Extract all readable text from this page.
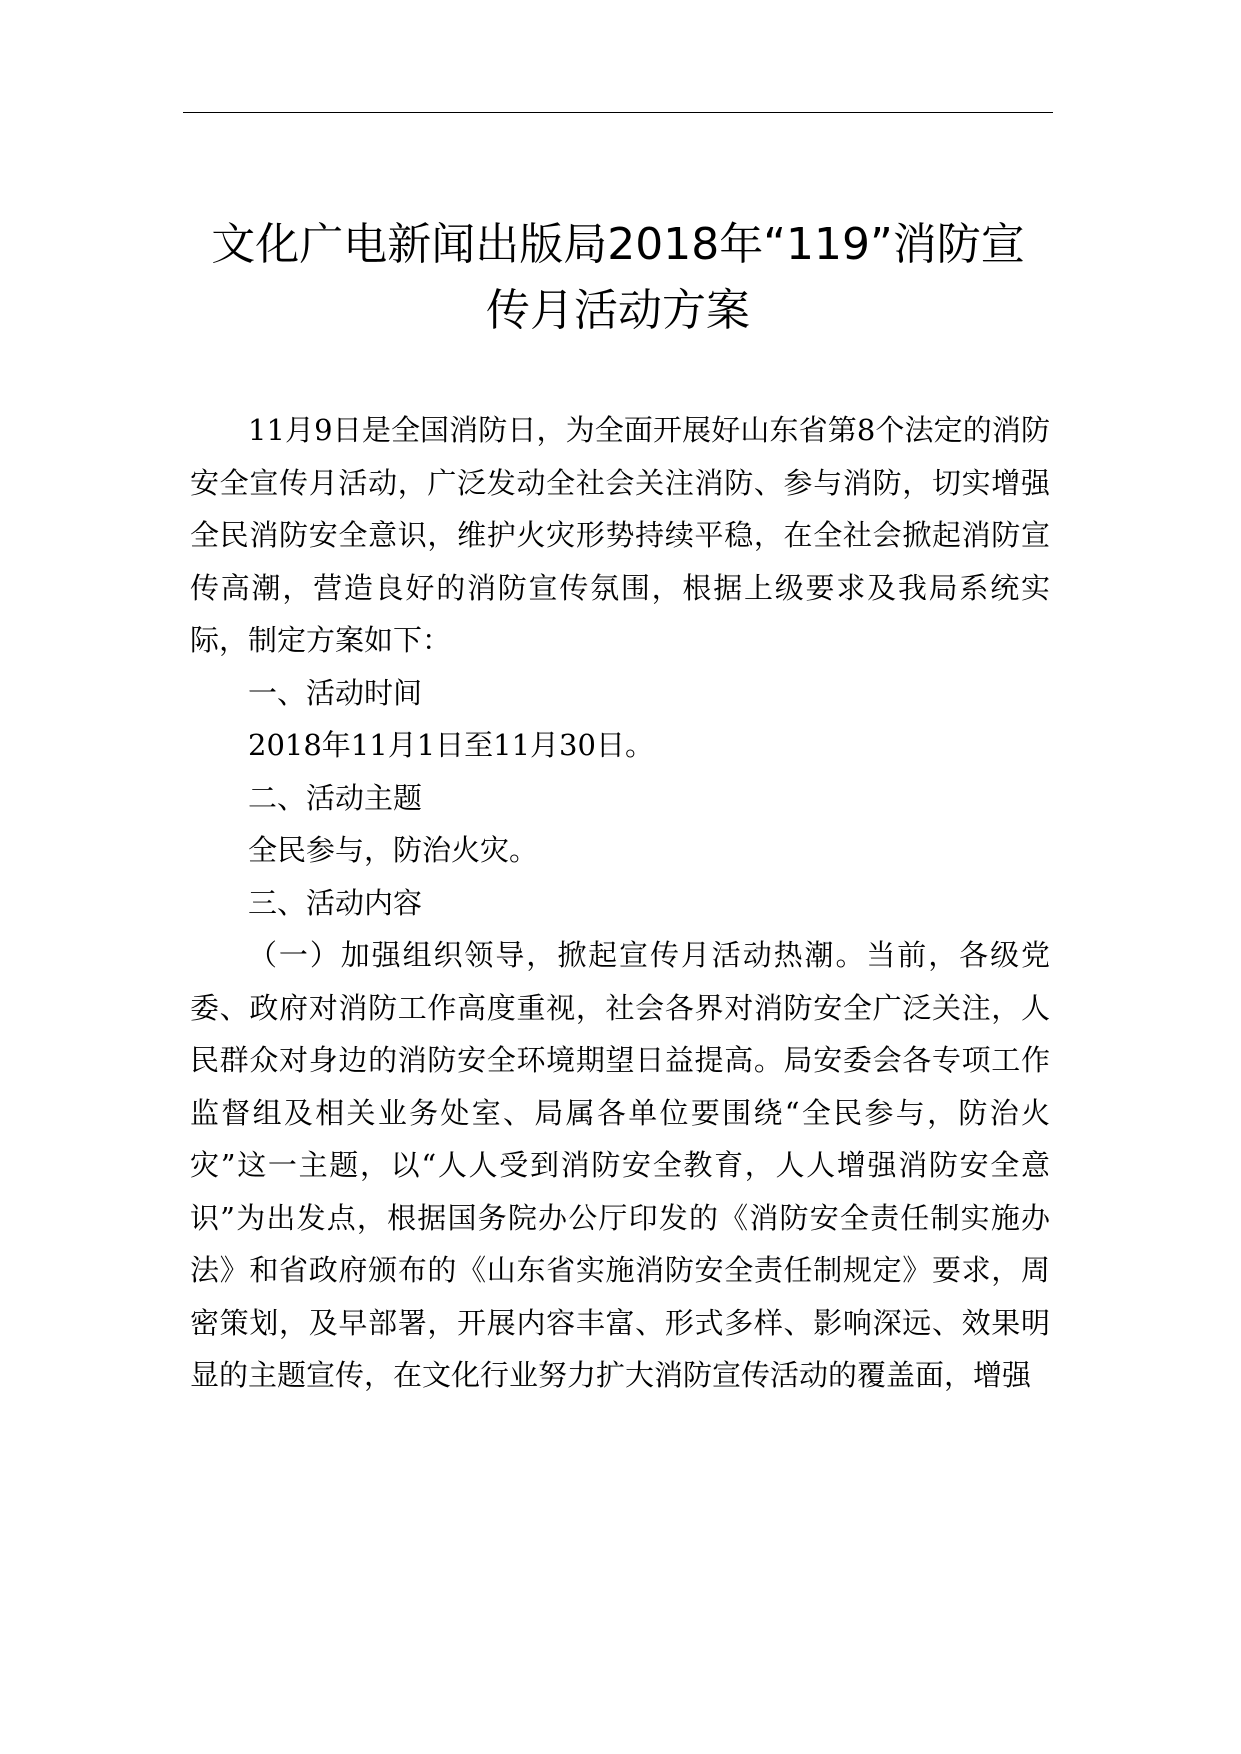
文化广电新闻出版局2018年“119”消防宣
传月活动方案

11月9日是全国消防日，为全面开展好山东省第8个法定的消防安全宣传月活动，广泛发动全社会关注消防、参与消防，切实增强全民消防安全意识，维护火灾形势持续平稳，在全社会掀起消防宣传高潮，营造良好的消防宣传氛围，根据上级要求及我局系统实际，制定方案如下：

一、活动时间

2018年11月1日至11月30日。

二、活动主题

全民参与，防治火灾。

三、活动内容

（一）加强组织领导，掀起宣传月活动热潮。当前，各级党委、政府对消防工作高度重视，社会各界对消防安全广泛关注，人民群众对身边的消防安全环境期望日益提高。局安委会各专项工作监督组及相关业务处室、局属各单位要围绕“全民参与，防治火灾”这一主题，以“人人受到消防安全教育，人人增强消防安全意识”为出发点，根据国务院办公厅印发的《消防安全责任制实施办法》和省政府颁布的《山东省实施消防安全责任制规定》要求，周密策划，及早部署，开展内容丰富、形式多样、影响深远、效果明显的主题宣传，在文化行业努力扩大消防宣传活动的覆盖面，增强
